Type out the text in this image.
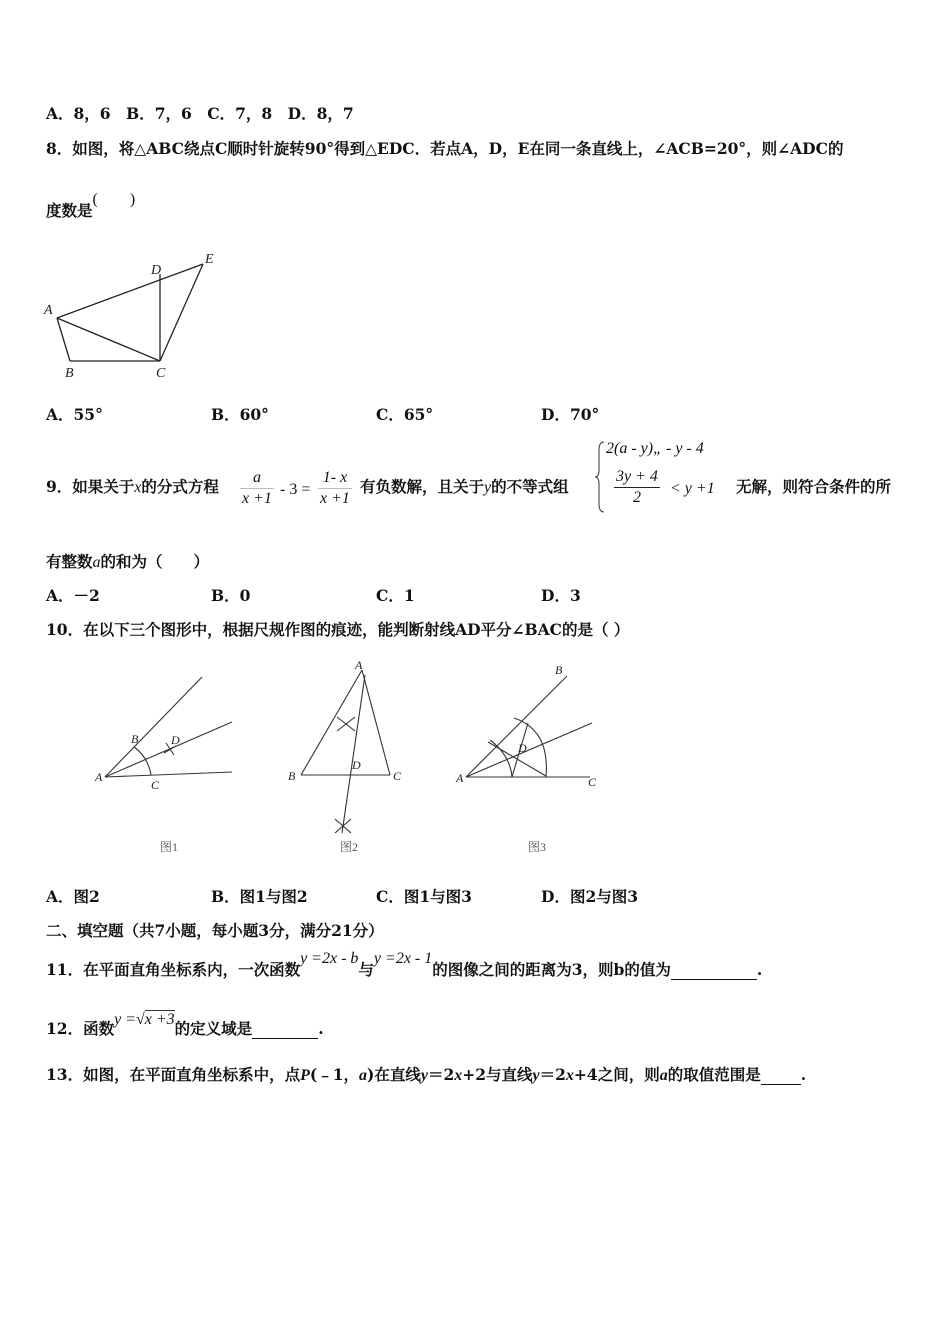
A．8，6　B．7，6　C．7，8　D．8，7
8．如图，将△ABC绕点C顺时针旋转90°得到△EDC．若点A，D，E在同一条直线上，∠ACB=20°，则∠ADC的
度数是(　　)
A
B	C
D
E
A．55°	B．60°	C．65°	D．70°
9．如果关于x的分式方程 $\frac{a}{x +1} - 3 = \frac{1- x}{x +1}$ 有负数解，且关于y的不等式组
2(a - y)„ - y - 4
$\frac{3y + 4}{2} < y +1$ 无解，则符合条件的所
有整数a的和为（　　）
A．－2	B．0	C．1	D．3
10．在以下三个图形中，根据尺规作图的痕迹，能判断射线AD平分∠BAC的是（ ）
A
B
C
D
图1
A
B	C
D
图2
A
B
C
D
图3
A．图2	B．图1与图2	C．图1与图3	D．图2与图3
二、填空题（共7小题，每小题3分，满分21分）
11．在平面直角坐标系内，一次函数y =2x - b与y =2x - 1的图像之间的距离为3，则b的值为	.
12．函数y =√x +3的定义域是	.
13．如图，在平面直角坐标系中，点P(﹣1，a)在直线y＝2x+2与直线y＝2x+4之间，则a的取值范围是	.
